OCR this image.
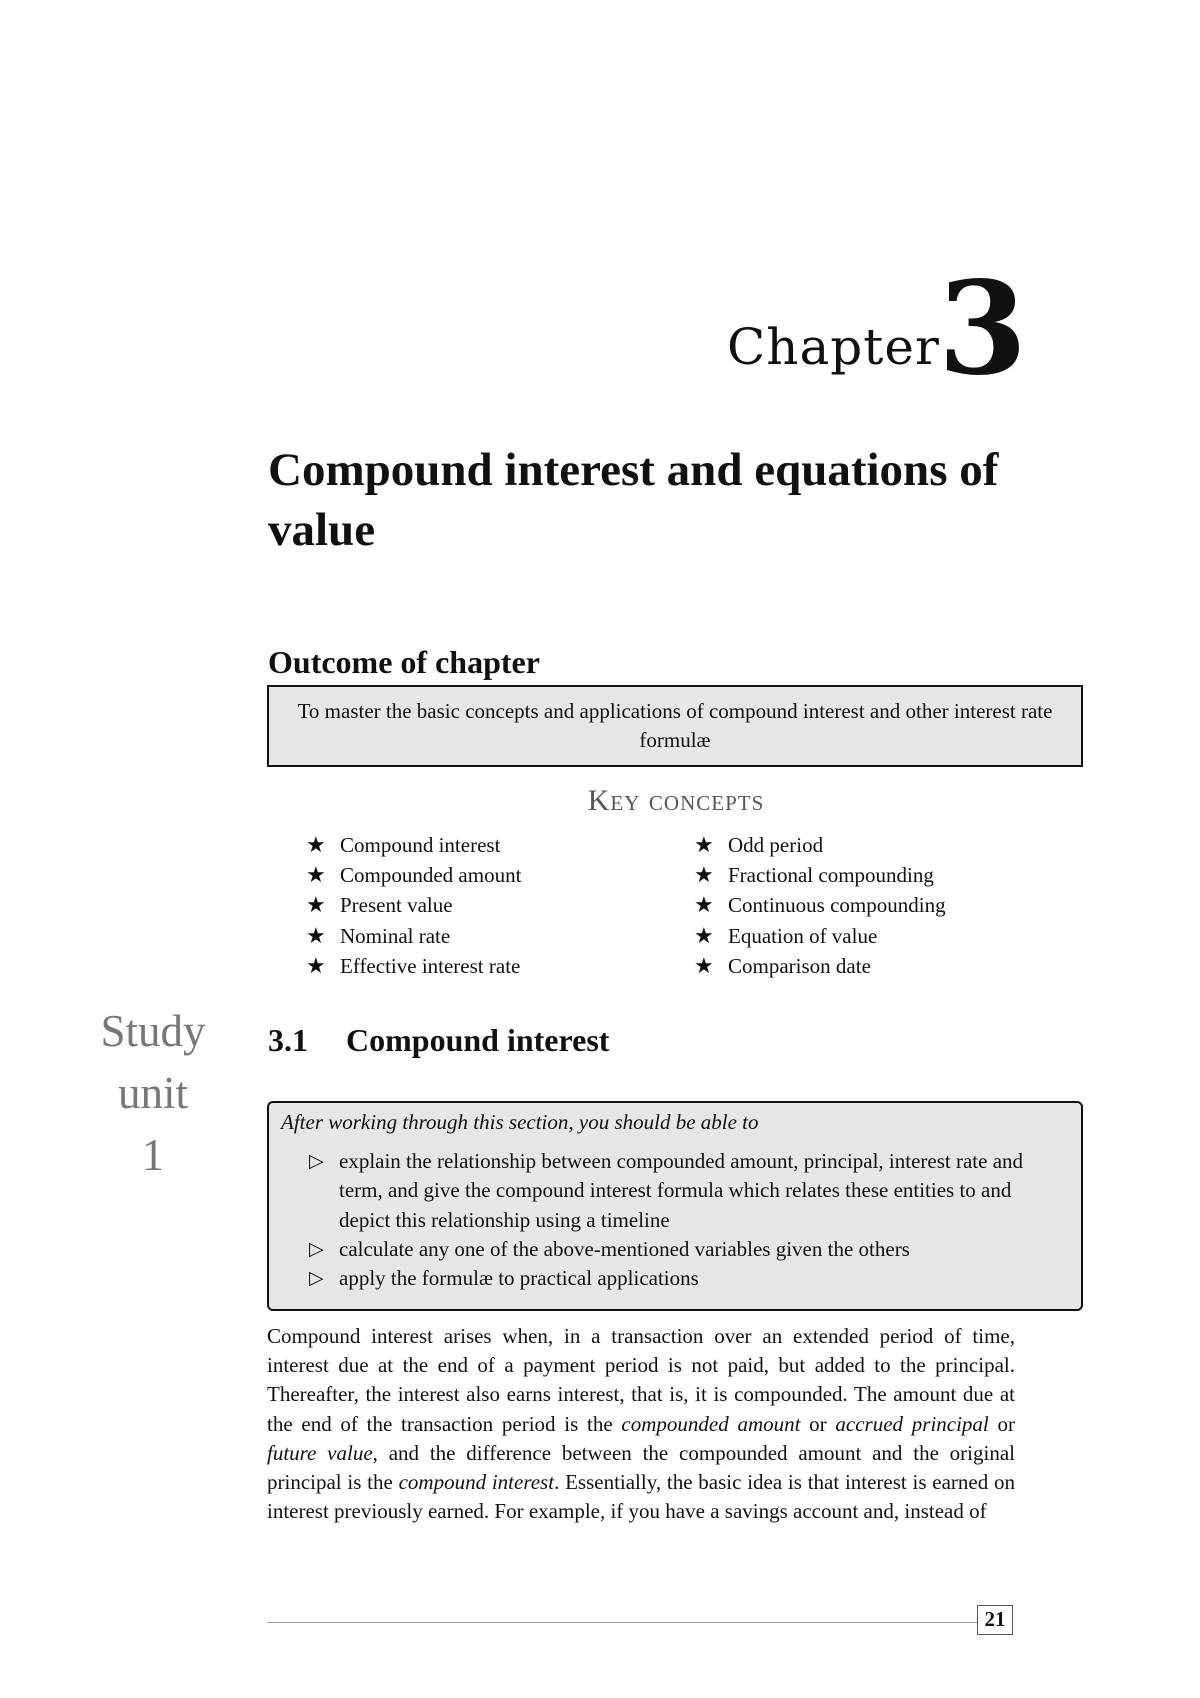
Chapter
3
Compound interest and equations of value
Outcome of chapter
To master the basic concepts and applications of compound interest and other interest rate formulæ
Key concepts
★ Compound interest
★ Compounded amount
★ Present value
★ Nominal rate
★ Effective interest rate
★ Odd period
★ Fractional compounding
★ Continuous compounding
★ Equation of value
★ Comparison date
Study
unit
1
3.1 Compound interest
After working through this section, you should be able to
▷ explain the relationship between compounded amount, principal, interest rate and term, and give the compound interest formula which relates these entities to and depict this relationship using a timeline
▷ calculate any one of the above-mentioned variables given the others
▷ apply the formulæ to practical applications

Compound interest arises when, in a transaction over an extended period of time, interest due at the end of a payment period is not paid, but added to the principal. Thereafter, the interest also earns interest, that is, it is compounded. The amount due at the end of the transaction period is the compounded amount or accrued principal or future value, and the difference between the compounded amount and the original principal is the compound interest. Essentially, the basic idea is that interest is earned on interest previously earned. For example, if you have a savings account and, instead of

21
